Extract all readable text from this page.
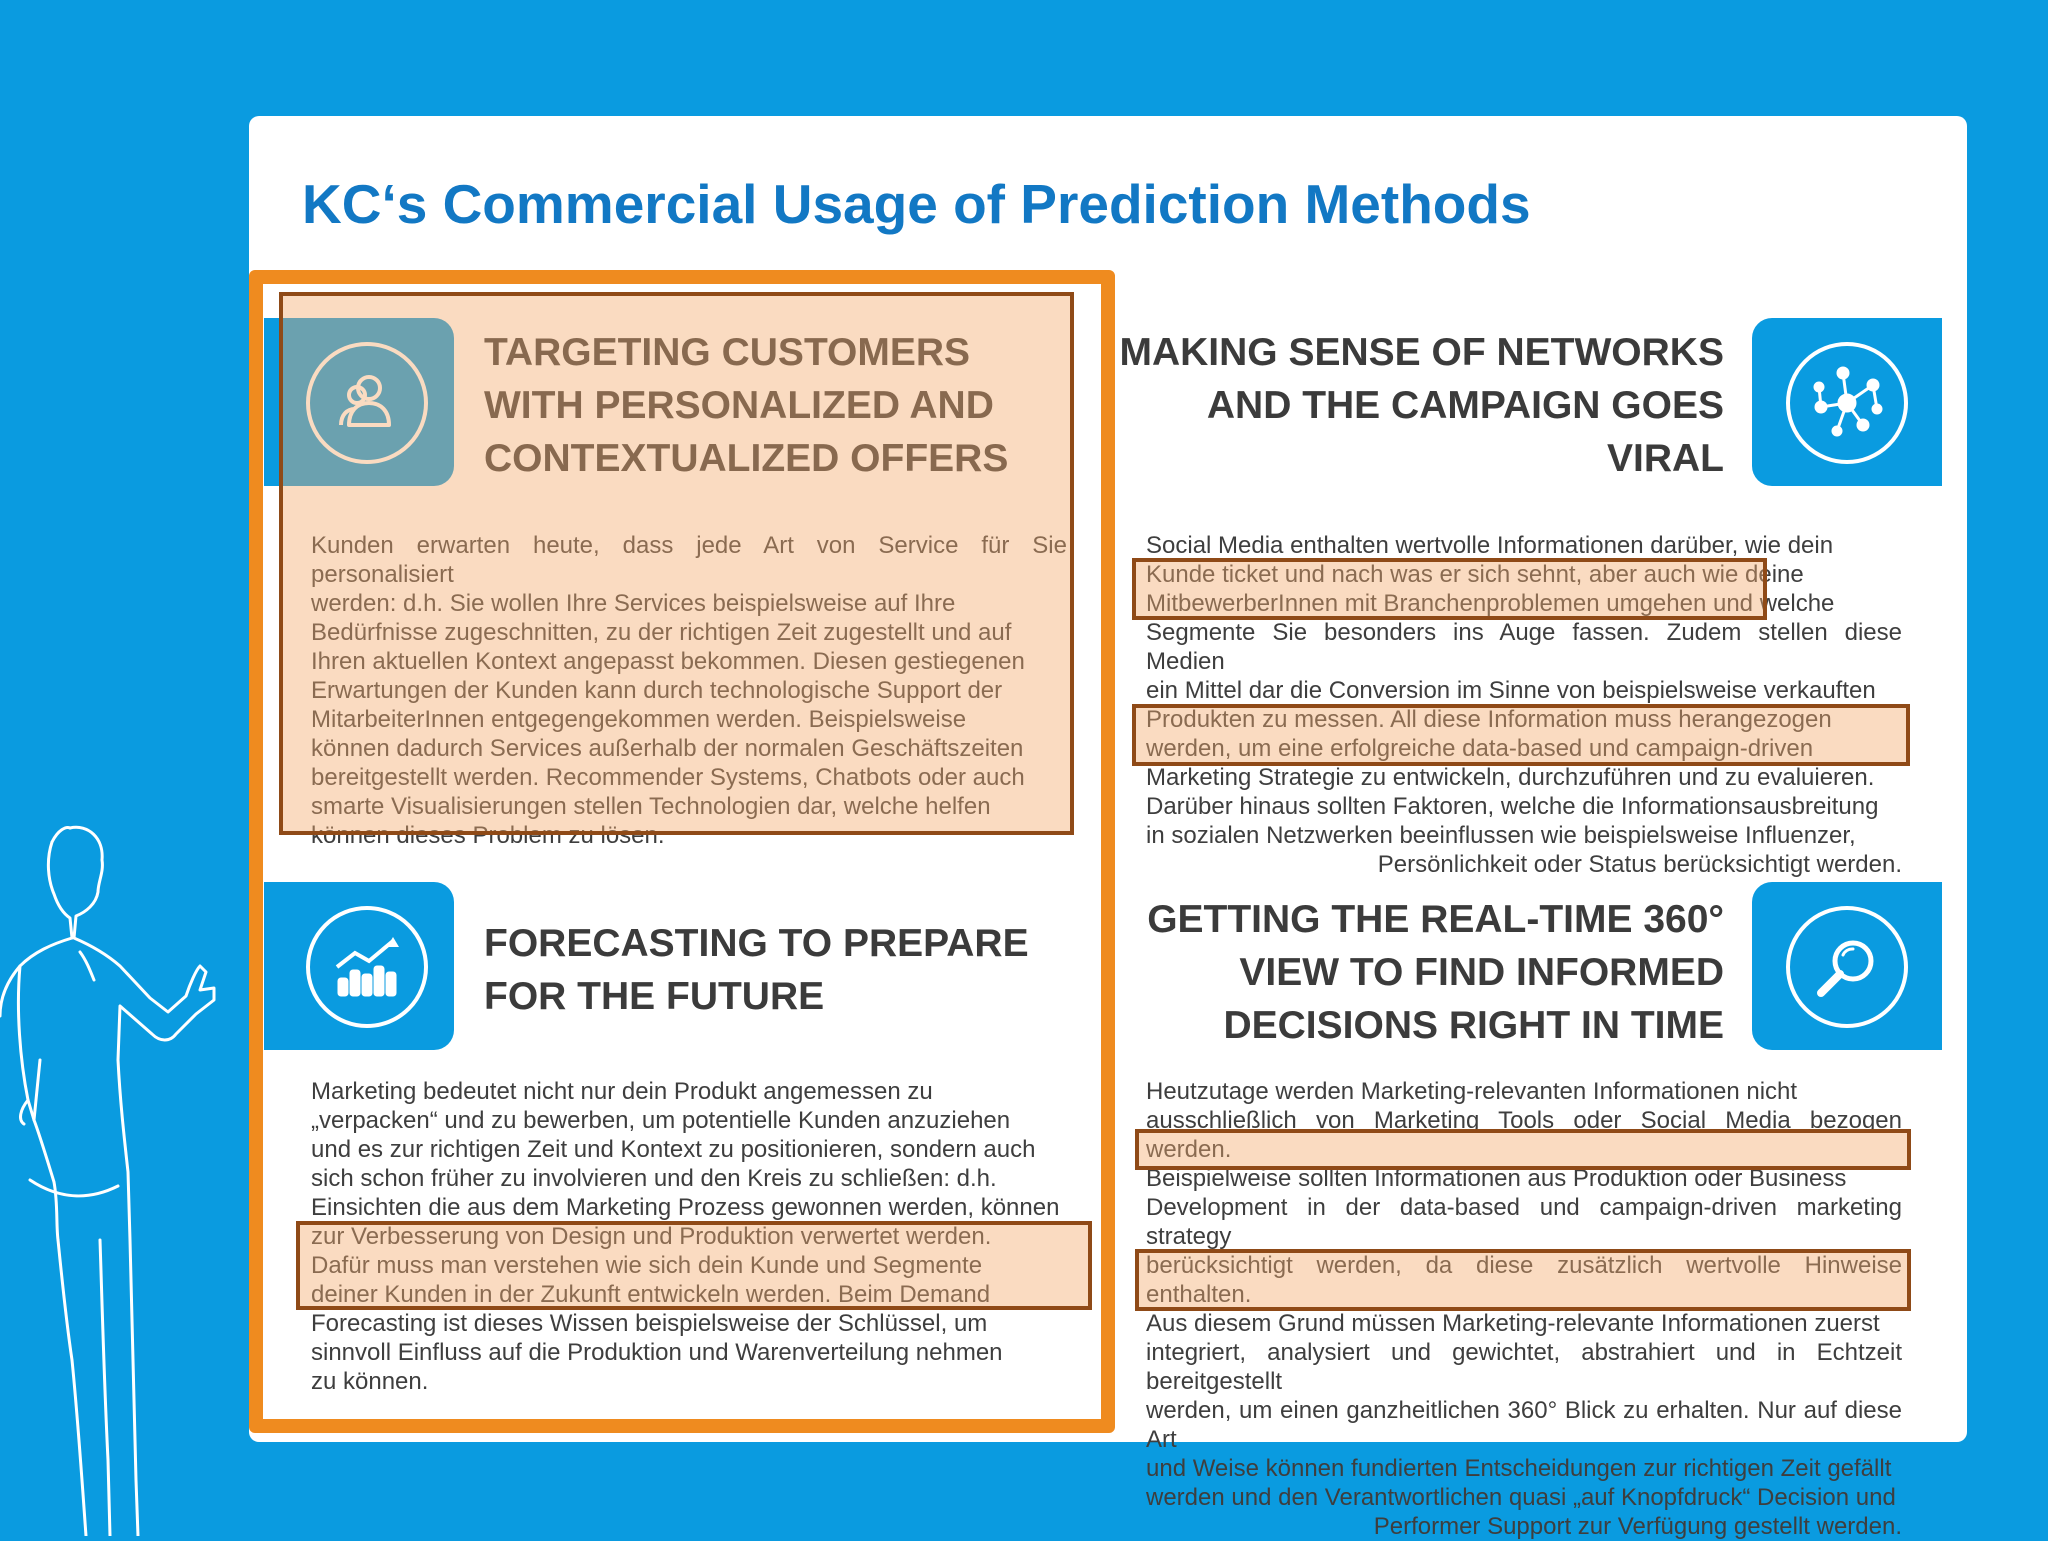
KC‘s Commercial Usage of Prediction Methods
TARGETING CUSTOMERS
WITH PERSONALIZED AND
CONTEXTUALIZED OFFERS

Kunden erwarten heute, dass jede Art von Service für Sie personalisiert
werden: d.h. Sie wollen Ihre Services beispielsweise auf Ihre
Bedürfnisse zugeschnitten, zu der richtigen Zeit zugestellt und auf
Ihren aktuellen Kontext angepasst bekommen. Diesen gestiegenen
Erwartungen der Kunden kann durch technologische Support der
MitarbeiterInnen entgegengekommen werden. Beispielsweise
können dadurch Services außerhalb der normalen Geschäftszeiten
bereitgestellt werden. Recommender Systems, Chatbots oder auch
smarte Visualisierungen stellen Technologien dar, welche helfen
können dieses Problem zu lösen.

MAKING SENSE OF NETWORKS
AND THE CAMPAIGN GOES
VIRAL

Social Media enthalten wertvolle Informationen darüber, wie dein
Kunde ticket und nach was er sich sehnt, aber auch wie deine
MitbewerberInnen mit Branchenproblemen umgehen und welche
Segmente Sie besonders ins Auge fassen. Zudem stellen diese Medien
ein Mittel dar die Conversion im Sinne von beispielsweise verkauften
Produkten zu messen. All diese Information muss herangezogen
werden, um eine erfolgreiche data-based und campaign-driven
Marketing Strategie zu entwickeln, durchzuführen und zu evaluieren.
Darüber hinaus sollten Faktoren, welche die Informationsausbreitung
in sozialen Netzwerken beeinflussen wie beispielsweise Influenzer,
Persönlichkeit oder Status berücksichtigt werden.

FORECASTING TO PREPARE
FOR THE FUTURE

Marketing bedeutet nicht nur dein Produkt angemessen zu
„verpacken“ und zu bewerben, um potentielle Kunden anzuziehen
und es zur richtigen Zeit und Kontext zu positionieren, sondern auch
sich schon früher zu involvieren und den Kreis zu schließen: d.h.
Einsichten die aus dem Marketing Prozess gewonnen werden, können
zur Verbesserung von Design und Produktion verwertet werden.
Dafür muss man verstehen wie sich dein Kunde und Segmente
deiner Kunden in der Zukunft entwickeln werden. Beim Demand
Forecasting ist dieses Wissen beispielsweise der Schlüssel, um
sinnvoll Einfluss auf die Produktion und Warenverteilung nehmen
zu können.

GETTING THE REAL-TIME 360°
VIEW TO FIND INFORMED
DECISIONS RIGHT IN TIME

Heutzutage werden Marketing-relevanten Informationen nicht
ausschließlich von Marketing Tools oder Social Media bezogen werden.
Beispielweise sollten Informationen aus Produktion oder Business
Development in der data-based und campaign-driven marketing strategy
berücksichtigt werden, da diese zusätzlich wertvolle Hinweise enthalten.
Aus diesem Grund müssen Marketing-relevante Informationen zuerst
integriert, analysiert und gewichtet, abstrahiert und in Echtzeit bereitgestellt
werden, um einen ganzheitlichen 360° Blick zu erhalten. Nur auf diese Art
und Weise können fundierten Entscheidungen zur richtigen Zeit gefällt
werden und den Verantwortlichen quasi „auf Knopfdruck“ Decision und
Performer Support zur Verfügung gestellt werden.
